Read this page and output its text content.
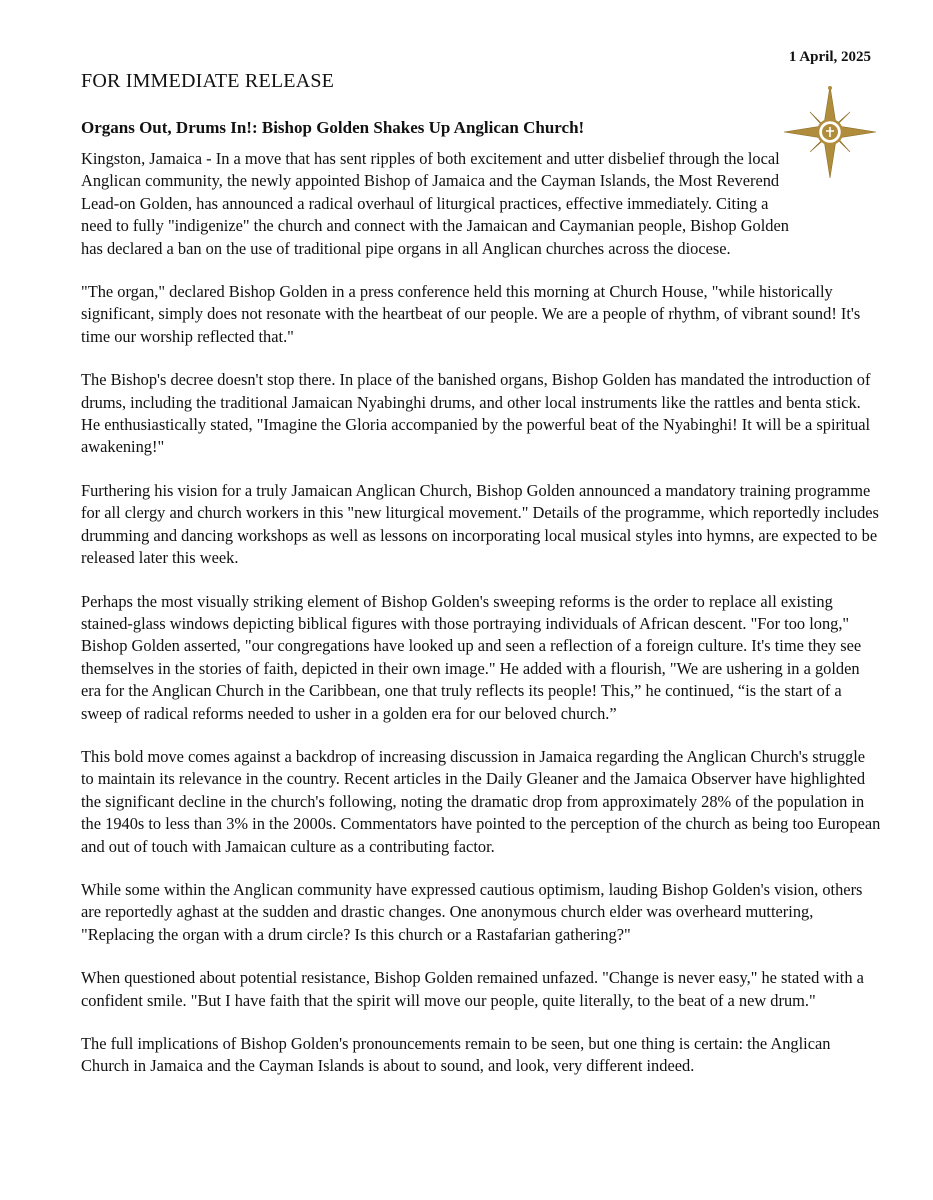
1 April, 2025

FOR IMMEDIATE RELEASE

Organs Out, Drums In!: Bishop Golden Shakes Up Anglican Church!

Kingston, Jamaica - In a move that has sent ripples of both excitement and utter disbelief through the local Anglican community, the newly appointed Bishop of Jamaica and the Cayman Islands, the Most Reverend Lead-on Golden, has announced a radical overhaul of liturgical practices, effective immediately. Citing a need to fully "indigenize" the church and connect with the Jamaican and Caymanian people, Bishop Golden has declared a ban on the use of traditional pipe organs in all Anglican churches across the diocese.

"The organ," declared Bishop Golden in a press conference held this morning at Church House, "while historically significant, simply does not resonate with the heartbeat of our people. We are a people of rhythm, of vibrant sound! It's time our worship reflected that."

The Bishop's decree doesn't stop there. In place of the banished organs, Bishop Golden has mandated the introduction of drums, including the traditional Jamaican Nyabinghi drums, and other local instruments like the rattles and benta stick. He enthusiastically stated, "Imagine the Gloria accompanied by the powerful beat of the Nyabinghi! It will be a spiritual awakening!"

Furthering his vision for a truly Jamaican Anglican Church, Bishop Golden announced a mandatory training programme for all clergy and church workers in this "new liturgical movement." Details of the programme, which reportedly includes drumming and dancing workshops as well as lessons on incorporating local musical styles into hymns, are expected to be released later this week.

Perhaps the most visually striking element of Bishop Golden's sweeping reforms is the order to replace all existing stained-glass windows depicting biblical figures with those portraying individuals of African descent. "For too long," Bishop Golden asserted, "our congregations have looked up and seen a reflection of a foreign culture. It's time they see themselves in the stories of faith, depicted in their own image." He added with a flourish, "We are ushering in a golden era for the Anglican Church in the Caribbean, one that truly reflects its people! This,” he continued, “is the start of a sweep of radical reforms needed to usher in a golden era for our beloved church.”

This bold move comes against a backdrop of increasing discussion in Jamaica regarding the Anglican Church's struggle to maintain its relevance in the country. Recent articles in the Daily Gleaner and the Jamaica Observer have highlighted the significant decline in the church's following, noting the dramatic drop from approximately 28% of the population in the 1940s to less than 3% in the 2000s. Commentators have pointed to the perception of the church as being too European and out of touch with Jamaican culture as a contributing factor.

While some within the Anglican community have expressed cautious optimism, lauding Bishop Golden's vision, others are reportedly aghast at the sudden and drastic changes. One anonymous church elder was overheard muttering, "Replacing the organ with a drum circle? Is this church or a Rastafarian gathering?"

When questioned about potential resistance, Bishop Golden remained unfazed. "Change is never easy," he stated with a confident smile. "But I have faith that the spirit will move our people, quite literally, to the beat of a new drum."

The full implications of Bishop Golden's pronouncements remain to be seen, but one thing is certain: the Anglican Church in Jamaica and the Cayman Islands is about to sound, and look, very different indeed.
